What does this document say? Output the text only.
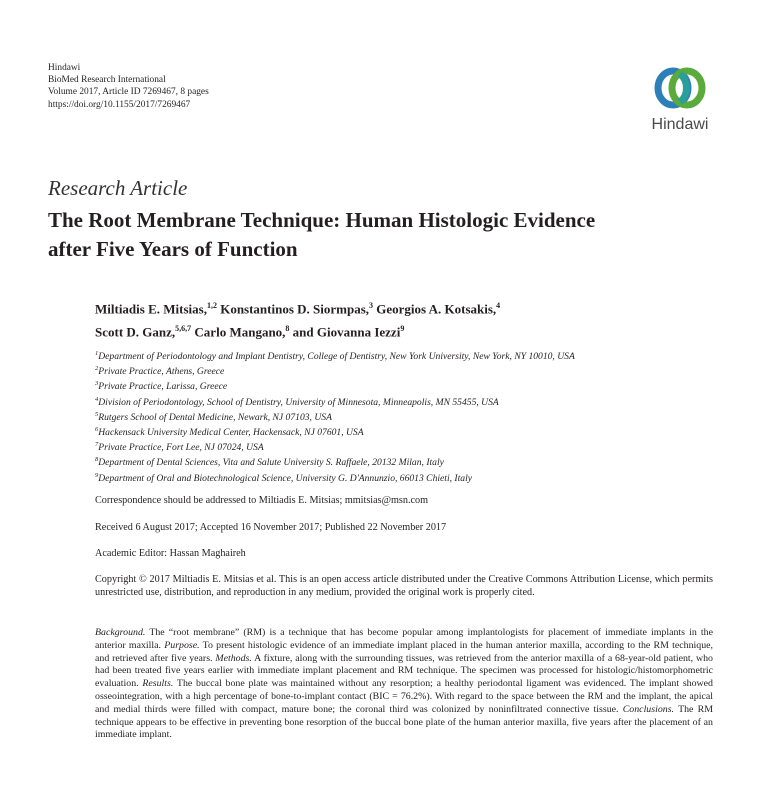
Hindawi
BioMed Research International
Volume 2017, Article ID 7269467, 8 pages
https://doi.org/10.1155/2017/7269467
Hindawi
Research Article
The Root Membrane Technique: Human Histologic Evidence
after Five Years of Function
Miltiadis E. Mitsias,$^{1,2}$ Konstantinos D. Siormpas,$^3$ Georgios A. Kotsakis,$^4$
Scott D. Ganz,$^{5,6,7}$ Carlo Mangano,$^8$ and Giovanna Iezzi$^9$
$^1$Department of Periodontology and Implant Dentistry, College of Dentistry, New York University, New York, NY 10010, USA
$^2$Private Practice, Athens, Greece
$^3$Private Practice, Larissa, Greece
$^4$Division of Periodontology, School of Dentistry, University of Minnesota, Minneapolis, MN 55455, USA
$^5$Rutgers School of Dental Medicine, Newark, NJ 07103, USA
$^6$Hackensack University Medical Center, Hackensack, NJ 07601, USA
$^7$Private Practice, Fort Lee, NJ 07024, USA
$^8$Department of Dental Sciences, Vita and Salute University S. Raffaele, 20132 Milan, Italy
$^9$Department of Oral and Biotechnological Science, University G. D'Annunzio, 66013 Chieti, Italy
Correspondence should be addressed to Miltiadis E. Mitsias; mmitsias@msn.com
Received 6 August 2017; Accepted 16 November 2017; Published 22 November 2017
Academic Editor: Hassan Maghaireh
Copyright © 2017 Miltiadis E. Mitsias et al. This is an open access article distributed under the Creative Commons Attribution License, which permits unrestricted use, distribution, and reproduction in any medium, provided the original work is properly cited.
Background. The “root membrane” (RM) is a technique that has become popular among implantologists for placement of immediate implants in the anterior maxilla. Purpose. To present histologic evidence of an immediate implant placed in the human anterior maxilla, according to the RM technique, and retrieved after five years. Methods. A fixture, along with the surrounding tissues, was retrieved from the anterior maxilla of a 68-year-old patient, who had been treated five years earlier with immediate implant placement and RM technique. The specimen was processed for histologic/histomorphometric evaluation. Results. The buccal bone plate was maintained without any resorption; a healthy periodontal ligament was evidenced. The implant showed osseointegration, with a high percentage of bone-to-implant contact (BIC = 76.2%). With regard to the space between the RM and the implant, the apical and medial thirds were filled with compact, mature bone; the coronal third was colonized by noninfiltrated connective tissue. Conclusions. The RM technique appears to be effective in preventing bone resorption of the buccal bone plate of the human anterior maxilla, five years after the placement of an immediate implant.
